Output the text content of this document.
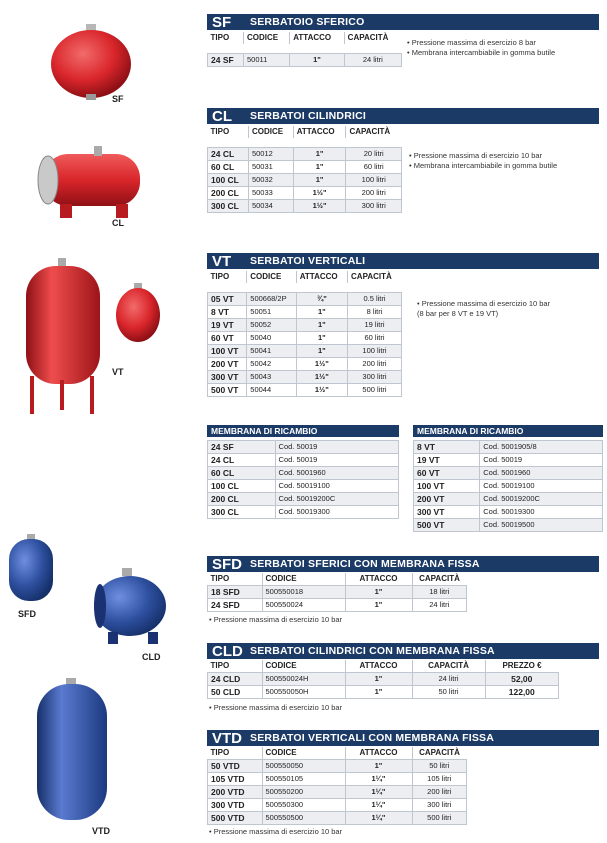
SF
CL
VT
SFD
CLD
VTD
SF	SERBATOIO SFERICO
TIPO	CODICE	ATTACCO	CAPACITÀ

24 SF	50011	1"	24 litri
• Pressione massima di esercizio 8 bar
• Membrana intercambiabile in gomma butile
CL	SERBATOI CILINDRICI
TIPO	CODICE	ATTACCO	CAPACITÀ

24 CL	50012	1"	20 litri
60 CL	50031	1"	60 litri
100 CL	50032	1"	100 litri
200 CL	50033	1½"	200 litri
300 CL	50034	1½"	300 litri
• Pressione massima di esercizio 10 bar
• Membrana intercambiabile in gomma butile
VT	SERBATOI VERTICALI
TIPO	CODICE	ATTACCO	CAPACITÀ

05 VT	500668/2P	¾"	0.5 litri
8 VT	50051	1"	8 litri
19 VT	50052	1"	19 litri
60 VT	50040	1"	60 litri
100 VT	50041	1"	100 litri
200 VT	50042	1½"	200 litri
300 VT	50043	1½"	300 litri
500 VT	50044	1½"	500 litri
• Pressione massima di esercizio 10 bar
(8 bar per 8 VT e 19 VT)
MEMBRANA DI RICAMBIO
24 SF	Cod. 50019
24 CL	Cod. 50019
60 CL	Cod. 5001960
100 CL	Cod. 50019100
200 CL	Cod. 50019200C
300 CL	Cod. 50019300
MEMBRANA DI RICAMBIO
8 VT	Cod. 5001905/8
19 VT	Cod. 50019
60 VT	Cod. 5001960
100 VT	Cod. 50019100
200 VT	Cod. 50019200C
300 VT	Cod. 50019300
500 VT	Cod. 50019500
SFD SERBATOI SFERICI CON MEMBRANA FISSA
TIPO	CODICE	ATTACCO	CAPACITÀ
18 SFD	500550018	1"	18 litri
24 SFD	500550024	1"	24 litri
• Pressione massima di esercizio 10 bar
CLD SERBATOI CILINDRICI CON MEMBRANA FISSA
TIPO	CODICE	ATTACCO	CAPACITÀ	PREZZO €
24 CLD	500550024H	1"	24 litri	52,00
50 CLD	500550050H	1"	50 litri	122,00
• Pressione massima di esercizio 10 bar
VTD SERBATOI VERTICALI CON MEMBRANA FISSA
TIPO	CODICE	ATTACCO	CAPACITÀ
50 VTD	500550050	1"	50 litri
105 VTD	500550105	1¼"	105 litri
200 VTD	500550200	1¼"	200 litri
300 VTD	500550300	1¼"	300 litri
500 VTD	500550500	1¼"	500 litri
• Pressione massima di esercizio 10 bar
